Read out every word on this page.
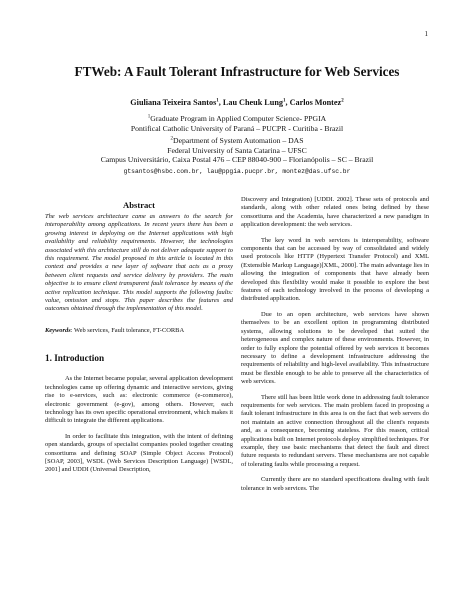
1
FTWeb: A Fault Tolerant Infrastructure for Web Services
Giuliana Teixeira Santos$^1$, Lau Cheuk Lung$^1$, Carlos Montez$^2$
$^1$Graduate Program in Applied Computer Science- PPGIA
Pontifical Catholic University of Paraná – PUCPR - Curitiba - Brazil
$^2$Department of System Automation – DAS
Federal University of Santa Catarina – UFSC
Campus Universitário, Caixa Postal 476 – CEP 88040-900 – Florianópolis – SC – Brazil
gtsantos@hsbc.com.br, lau@ppgia.pucpr.br, montez@das.ufsc.br
Abstract

The web services architecture came as answers to the search for interoperability among applications. In recent years there has been a growing interest in deploying on the Internet applications with high availability and reliability requirements. However, the technologies associated with this architecture still do not deliver adequate support to this requirement. The model proposed in this article is located in this context and provides a new layer of software that acts as a proxy between client requests and service delivery by providers. The main objective is to ensure client transparent fault tolerance by means of the active replication technique. This model supports the following faults: value, omission and stops. This paper describes the features and outcomes obtained through the implementation of this model.

Keywords: Web services, Fault tolerance, FT-CORBA

1. Introduction

As the Internet became popular, several application development technologies came up offering dynamic and interactive services, giving rise to e-services, such as: electronic commerce (e-commerce), electronic government (e-gov), among others. However, each technology has its own specific operational environment, which makes it difficult to integrate the different applications.

In order to facilitate this integration, with the intent of defining open standards, groups of specialist companies pooled together creating consortiums and defining SOAP (Simple Object Access Protocol) [SOAP, 2003], WSDL (Web Services Description Language) [WSDL, 2001] and UDDI (Universal Description,

Discovery and Integration) [UDDI. 2002]. These sets of protocols and standards, along with other related ones being defined by these consortiums and the Academia, have characterized a new paradigm in application development: the web services.

The key word in web services is interoperability, software components that can be accessed by way of consolidated and widely used protocols like HTTP (Hypertext Transfer Protocol) and XML (Extensible Markup Language)[XML, 2000]. The main advantage lies in allowing the integration of components that have already been developed this flexibility would make it possible to explore the best features of each technology involved in the process of developing a distributed application.

Due to an open architecture, web services have shown themselves to be an excellent option in programming distributed systems, allowing solutions to be developed that suited the heterogeneous and complex nature of these environments. However, in order to fully explore the potential offered by web services it becomes necessary to define a development infrastructure addressing the requirements of reliability and high-level availability. This infrastructure must be flexible enough to be able to preserve all the characteristics of web services.

There still has been little work done in addressing fault tolerance requirements for web services. The main problem faced in proposing a fault tolerant infrastructure in this area is on the fact that web servers do not maintain an active connection throughout all the client's requests and, as a consequence, becoming stateless. For this reason, critical applications built on Internet protocols deploy simplified techniques. For example, they use basic mechanisms that detect the fault and direct future requests to redundant servers. These mechanisms are not capable of tolerating faults while processing a request.

Currently there are no standard specifications dealing with fault tolerance in web services. The
